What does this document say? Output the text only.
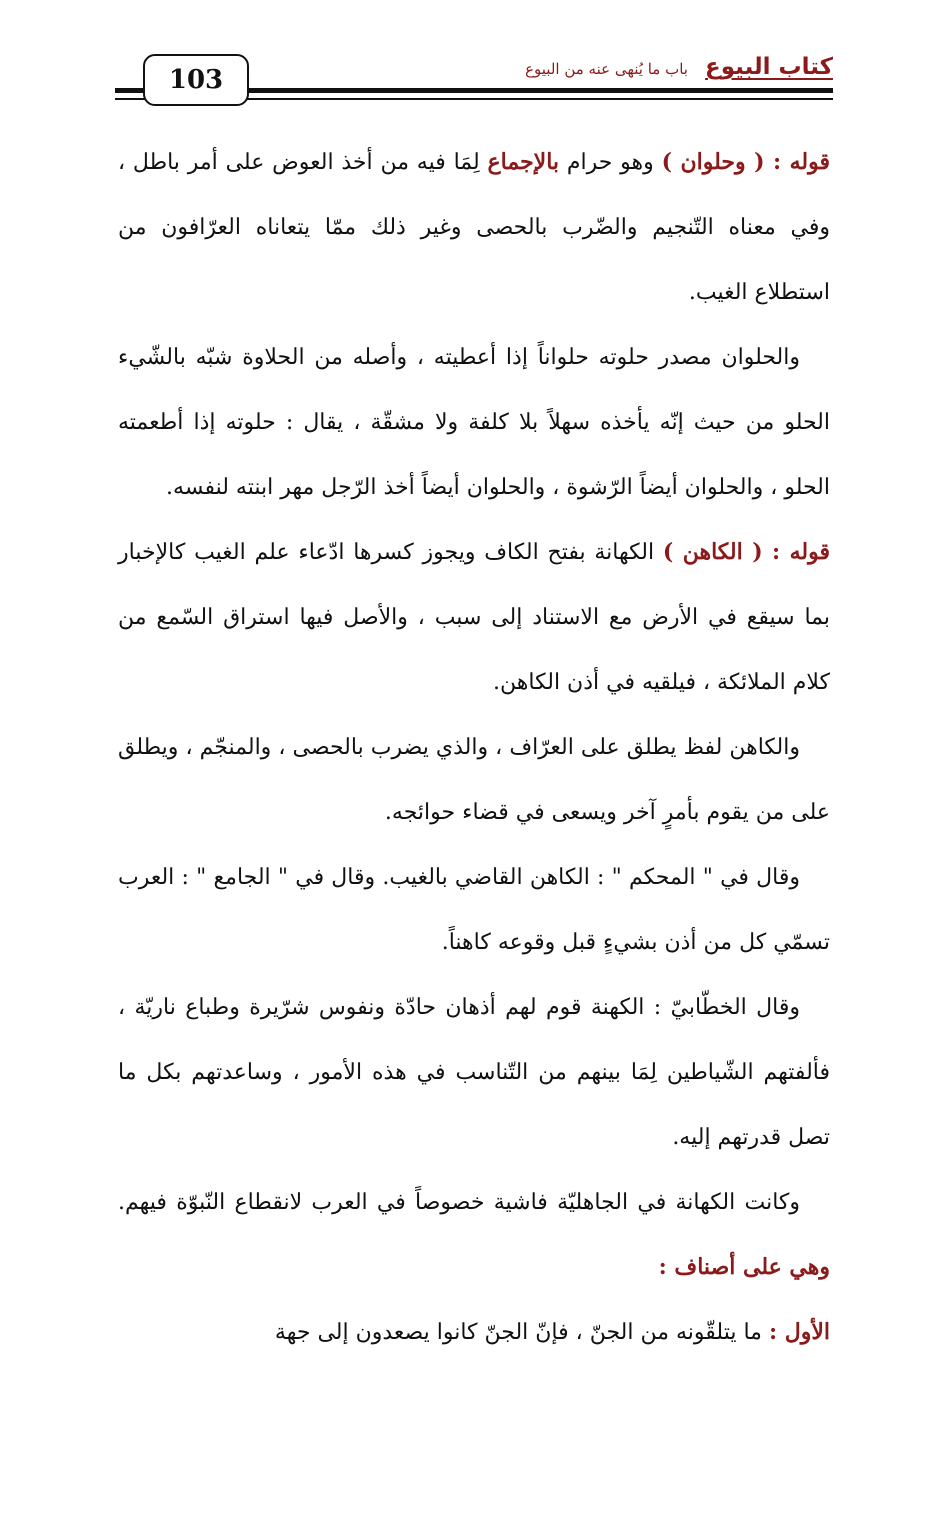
103	كتاب البيوع باب ما يُنهى عنه من البيوع

قوله : ( وحلوان ) وهو حرام بالإجماع لِمَا فيه من أخذ العوض على أمر باطل ، وفي معناه التّنجيم والضّرب بالحصى وغير ذلك ممّا يتعاناه العرّافون من استطلاع الغيب.

والحلوان مصدر حلوته حلواناً إذا أعطيته ، وأصله من الحلاوة شبّه بالشّيء الحلو من حيث إنّه يأخذه سهلاً بلا كلفة ولا مشقّة ، يقال : حلوته إذا أطعمته الحلو ، والحلوان أيضاً الرّشوة ، والحلوان أيضاً أخذ الرّجل مهر ابنته لنفسه.

قوله : ( الكاهن ) الكهانة بفتح الكاف ويجوز كسرها ادّعاء علم الغيب كالإخبار بما سيقع في الأرض مع الاستناد إلى سبب ، والأصل فيها استراق السّمع من كلام الملائكة ، فيلقيه في أذن الكاهن.

والكاهن لفظ يطلق على العرّاف ، والذي يضرب بالحصى ، والمنجّم ، ويطلق على من يقوم بأمرٍ آخر ويسعى في قضاء حوائجه.

وقال في " المحكم " : الكاهن القاضي بالغيب. وقال في " الجامع " : العرب تسمّي كل من أذن بشيءٍ قبل وقوعه كاهناً.

وقال الخطّابيّ : الكهنة قوم لهم أذهان حادّة ونفوس شرّيرة وطباع ناريّة ، فألفتهم الشّياطين لِمَا بينهم من التّناسب في هذه الأمور ، وساعدتهم بكل ما تصل قدرتهم إليه.

وكانت الكهانة في الجاهليّة فاشية خصوصاً في العرب لانقطاع النّبوّة فيهم. وهي على أصناف :

الأول : ما يتلقّونه من الجنّ ، فإنّ الجنّ كانوا يصعدون إلى جهة
